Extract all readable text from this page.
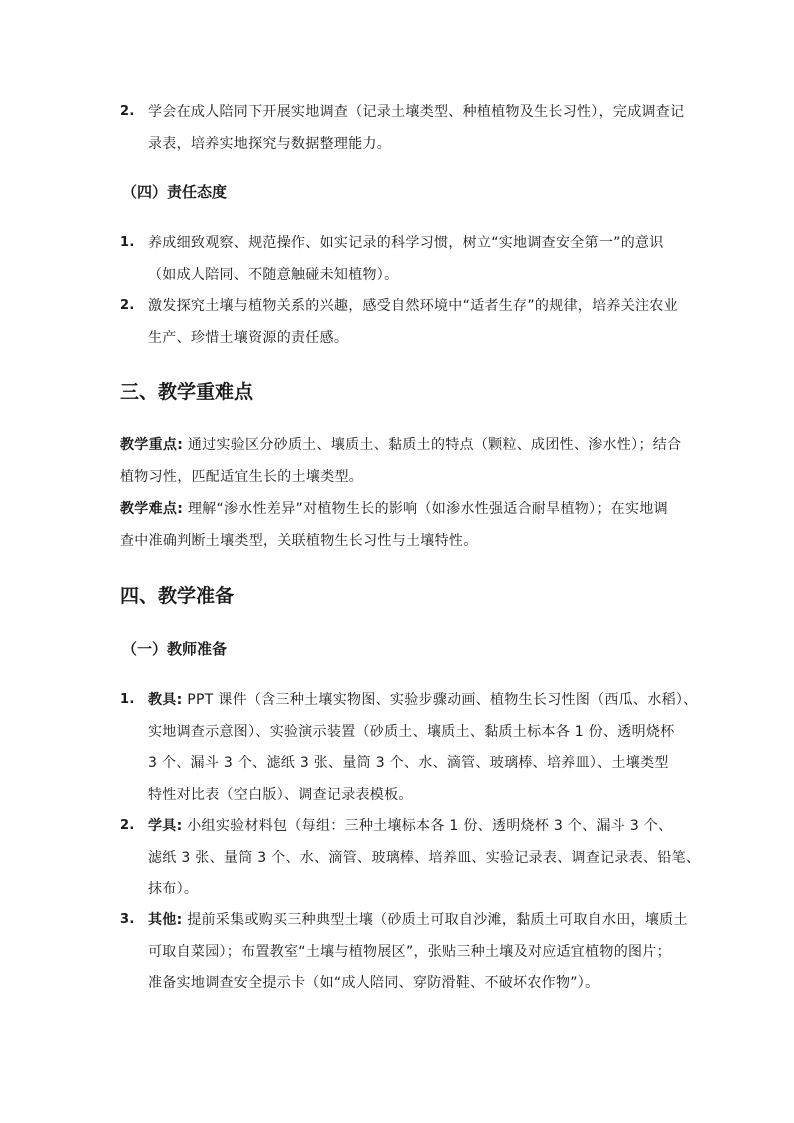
2. 学会在成人陪同下开展实地调查（记录土壤类型、种植植物及生长习性），完成调查记
录表，培养实地探究与数据整理能力。
（四）责任态度
1. 养成细致观察、规范操作、如实记录的科学习惯，树立“实地调查安全第一”的意识
（如成人陪同、不随意触碰未知植物）。
2. 激发探究土壤与植物关系的兴趣，感受自然环境中“适者生存”的规律，培养关注农业
生产、珍惜土壤资源的责任感。
三、教学重难点
教学重点: 通过实验区分砂质土、壤质土、黏质土的特点（颗粒、成团性、渗水性）；结合
植物习性，匹配适宜生长的土壤类型。
教学难点: 理解“渗水性差异”对植物生长的影响（如渗水性强适合耐旱植物）；在实地调
查中准确判断土壤类型，关联植物生长习性与土壤特性。
四、教学准备
（一）教师准备
1. 教具: PPT 课件（含三种土壤实物图、实验步骤动画、植物生长习性图（西瓜、水稻）、
实地调查示意图）、实验演示装置（砂质土、壤质土、黏质土标本各 1 份、透明烧杯
3 个、漏斗 3 个、滤纸 3 张、量筒 3 个、水、滴管、玻璃棒、培养皿）、土壤类型
特性对比表（空白版）、调查记录表模板。
2. 学具: 小组实验材料包（每组：三种土壤标本各 1 份、透明烧杯 3 个、漏斗 3 个、
滤纸 3 张、量筒 3 个、水、滴管、玻璃棒、培养皿、实验记录表、调查记录表、铅笔、
抹布）。
3. 其他: 提前采集或购买三种典型土壤（砂质土可取自沙滩，黏质土可取自水田，壤质土
可取自菜园）；布置教室“土壤与植物展区”，张贴三种土壤及对应适宜植物的图片；
准备实地调查安全提示卡（如“成人陪同、穿防滑鞋、不破坏农作物”）。
